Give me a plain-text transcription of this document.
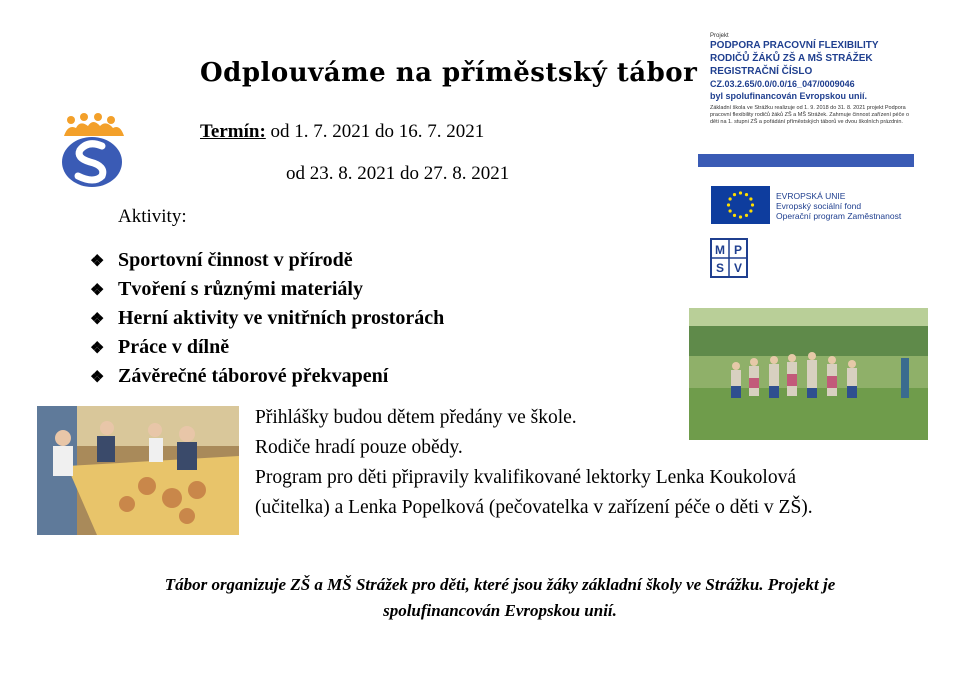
Odplouváme na příměstský tábor
Termín: od 1. 7. 2021 do 16. 7. 2021
od 23. 8. 2021 do 27. 8. 2021
Aktivity:
❖ Sportovní činnost v přírodě
❖ Tvoření s různými materiály
❖ Herní aktivity ve vnitřních prostorách
❖ Práce v dílně
❖ Závěrečné táborové překvapení
Projekt
PODPORA PRACOVNÍ FLEXIBILITY
RODIČŮ ŽÁKŮ ZŠ A MŠ STRÁŽEK
REGISTRAČNÍ ČÍSLO
CZ.03.2.65/0.0/0.0/16_047/0009046
byl spolufinancován Evropskou unií.
Základní škola ve Strážku realizuje od 1. 9. 2018 do 31. 8. 2021 projekt Podpora pracovní flexibility rodičů žáků ZŠ a MŠ Strážek. Zahrnuje činnost zařízení péče o děti na 1. stupni ZŠ a pořádání příměstských táborů ve dvou školních prázdnin.
EVROPSKÁ UNIE
Evropský sociální fond
Operační program Zaměstnanost
M P
S V
Přihlášky budou dětem předány ve škole.
Rodiče hradí pouze obědy.
Program pro děti připravily kvalifikované lektorky Lenka Koukolová
(učitelka) a Lenka Popelková (pečovatelka v zařízení péče o děti v ZŠ).
Tábor organizuje ZŠ a MŠ Strážek pro děti, které jsou žáky základní školy ve Strážku. Projekt je
spolufinancován Evropskou unií.
